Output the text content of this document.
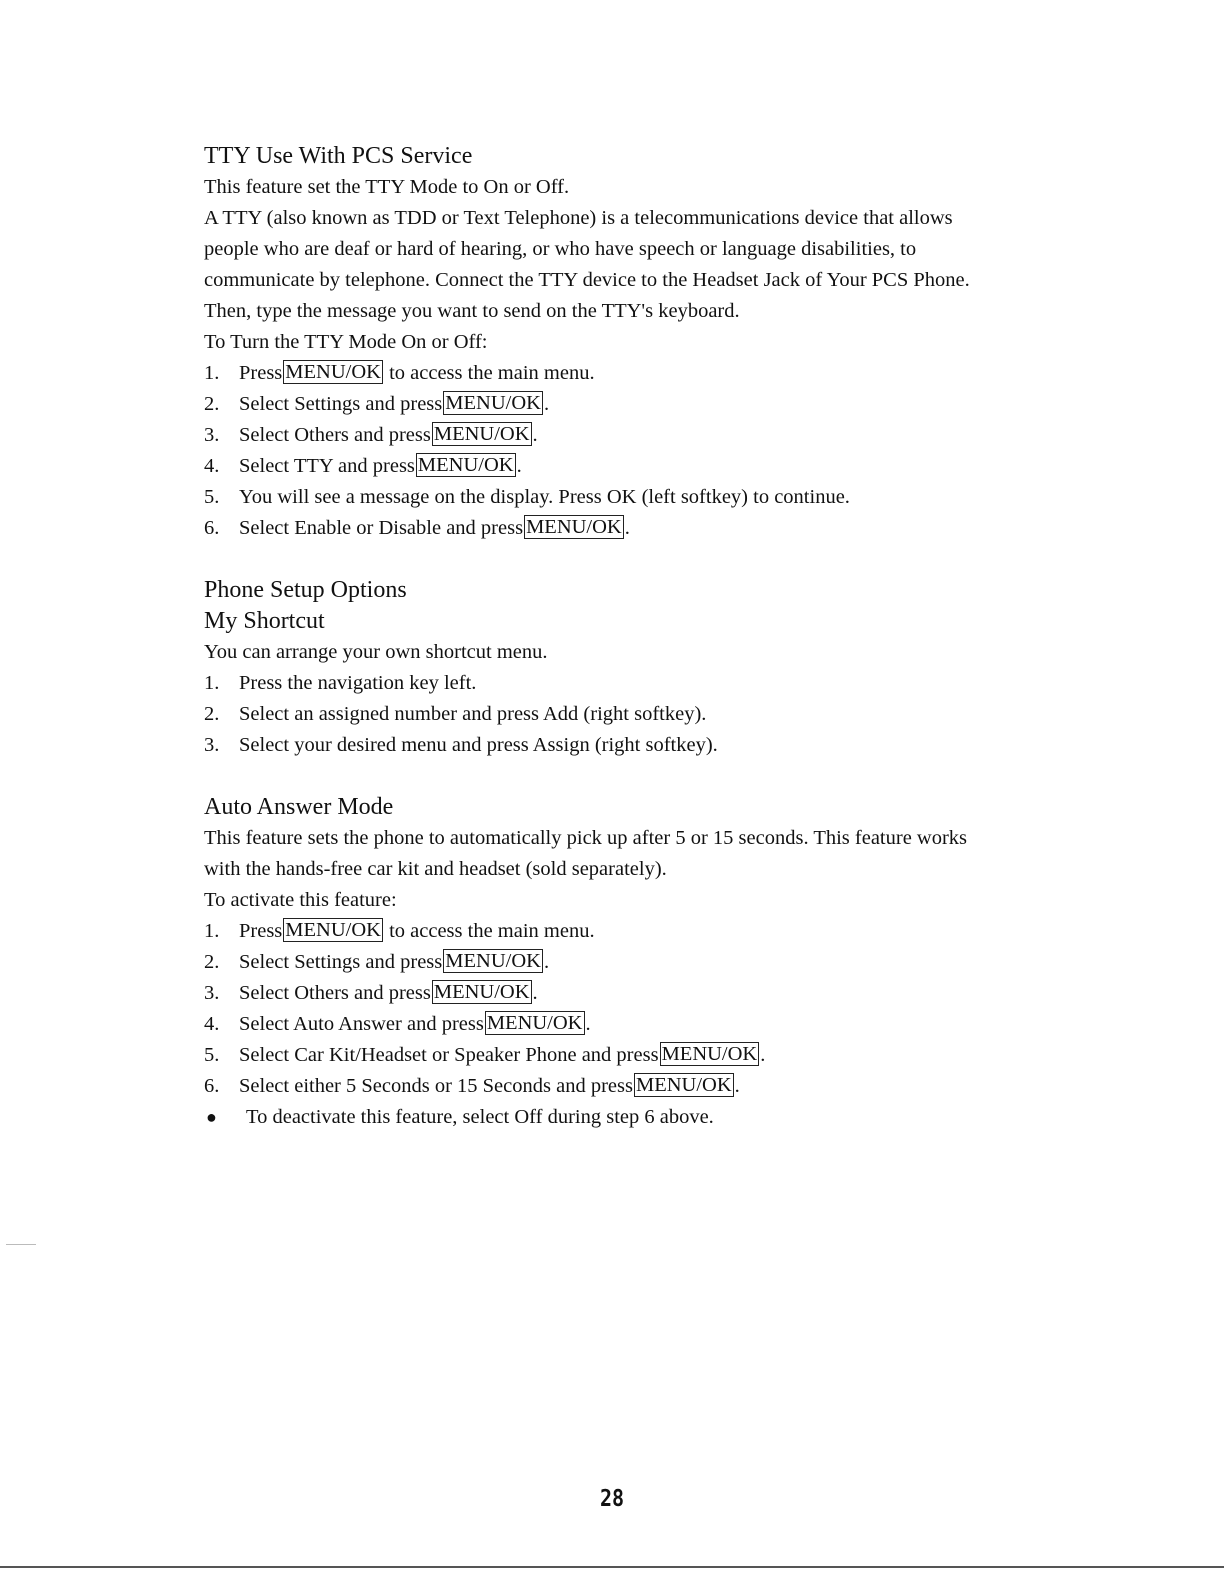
TTY Use With PCS Service
This feature set the TTY Mode to On or Off.
A TTY (also known as TDD or Text Telephone) is a telecommunications device that allows
people who are deaf or hard of hearing, or who have speech or language disabilities, to
communicate by telephone. Connect the TTY device to the Headset Jack of Your PCS Phone.
Then, type the message you want to send on the TTY's keyboard.
To Turn the TTY Mode On or Off:
1. Press MENU/OK to access the main menu.
2. Select Settings and press MENU/OK .
3. Select Others and press MENU/OK .
4. Select TTY and press MENU/OK .
5. You will see a message on the display. Press OK (left softkey) to continue.
6. Select Enable or Disable and press MENU/OK .
Phone Setup Options
My Shortcut
You can arrange your own shortcut menu.
1. Press the navigation key left.
2. Select an assigned number and press Add (right softkey).
3. Select your desired menu and press Assign (right softkey).
Auto Answer Mode
This feature sets the phone to automatically pick up after 5 or 15 seconds. This feature works
with the hands-free car kit and headset (sold separately).
To activate this feature:
1. Press MENU/OK to access the main menu.
2. Select Settings and press MENU/OK .
3. Select Others and press MENU/OK .
4. Select Auto Answer and press MENU/OK .
5. Select Car Kit/Headset or Speaker Phone and press MENU/OK .
6. Select either 5 Seconds or 15 Seconds and press MENU/OK .
● To deactivate this feature, select Off during step 6 above.
28
